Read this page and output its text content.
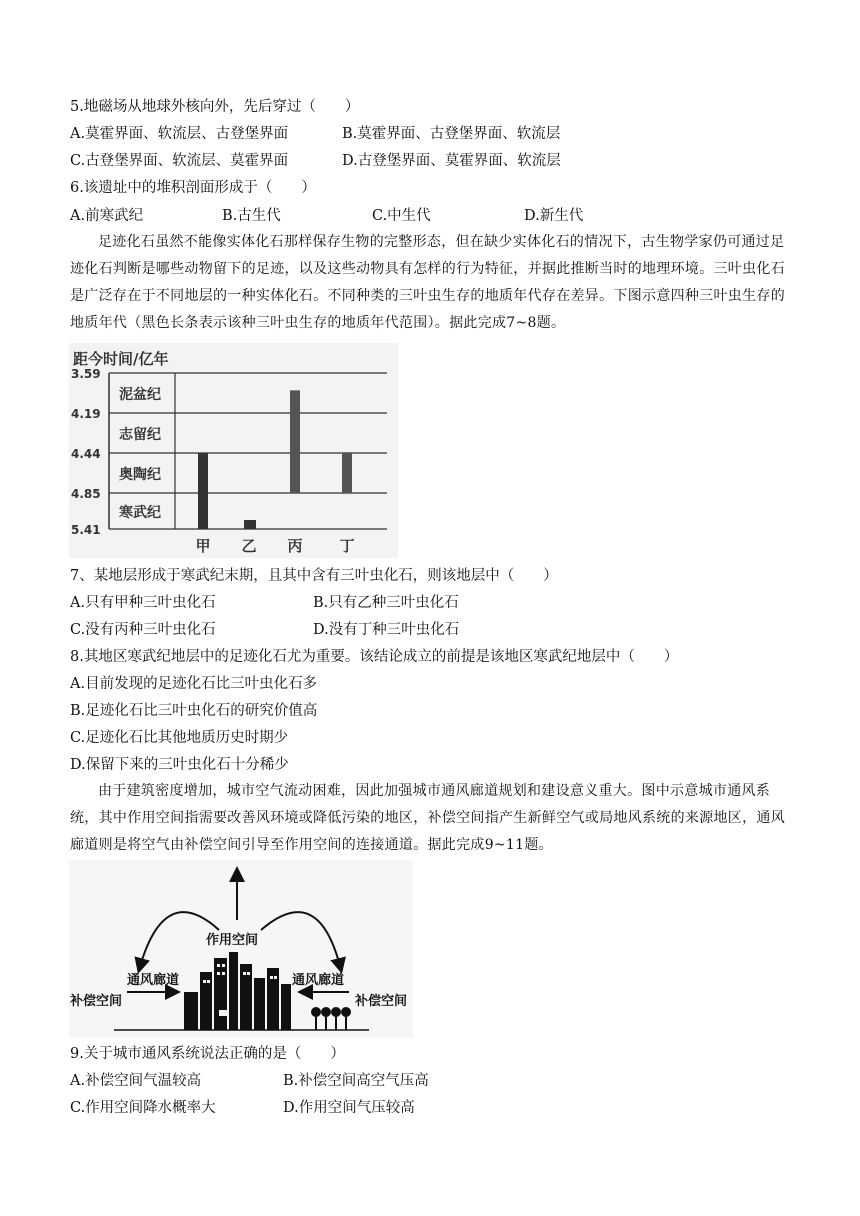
5.地磁场从地球外核向外，先后穿过（　　）
A.莫霍界面、软流层、古登堡界面	B.莫霍界面、古登堡界面、软流层
C.古登堡界面、软流层、莫霍界面	D.古登堡界面、莫霍界面、软流层
6.该遗址中的堆积剖面形成于（　　）
A.前寒武纪	B.古生代	C.中生代	D.新生代
足迹化石虽然不能像实体化石那样保存生物的完整形态，但在缺少实体化石的情况下，古生物学家仍可通过足迹化石判断是哪些动物留下的足迹，以及这些动物具有怎样的行为特征，并据此推断当时的地理环境。三叶虫化石是广泛存在于不同地层的一种实体化石。不同种类的三叶虫生存的地质年代存在差异。下图示意四种三叶虫生存的地质年代（黑色长条表示该种三叶虫生存的地质年代范围）。据此完成7~8题。
距今时间/亿年
3.59
4.19
4.44
4.85
5.41
泥盆纪
志留纪
奥陶纪
寒武纪
甲 乙 丙 丁
7、某地层形成于寒武纪末期，且其中含有三叶虫化石，则该地层中（　　）
A.只有甲种三叶虫化石	B.只有乙种三叶虫化石
C.没有丙种三叶虫化石	D.没有丁种三叶虫化石
8.其地区寒武纪地层中的足迹化石尤为重要。该结论成立的前提是该地区寒武纪地层中（　　）
A.目前发现的足迹化石比三叶虫化石多
B.足迹化石比三叶虫化石的研究价值高
C.足迹化石比其他地质历史时期少
D.保留下来的三叶虫化石十分稀少
由于建筑密度增加，城市空气流动困难，因此加强城市通风廊道规划和建设意义重大。图中示意城市通风系统，其中作用空间指需要改善风环境或降低污染的地区，补偿空间指产生新鲜空气或局地风系统的来源地区，通风廊道则是将空气由补偿空间引导至作用空间的连接通道。据此完成9~11题。
作用空间
通风廊道	通风廊道
补偿空间	补偿空间
9.关于城市通风系统说法正确的是（　　）
A.补偿空间气温较高	B.补偿空间高空气压高
C.作用空间降水概率大	D.作用空间气压较高
